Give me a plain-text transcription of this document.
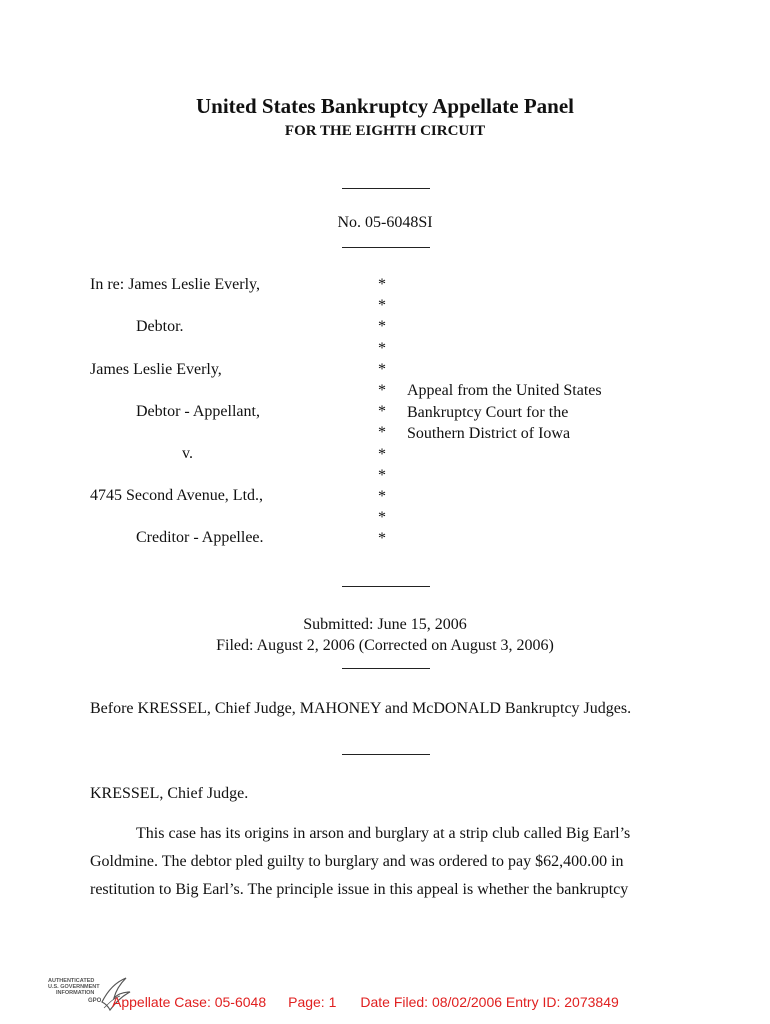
United States Bankruptcy Appellate Panel
FOR THE EIGHTH CIRCUIT
No. 05-6048SI
In re: James Leslie Everly,
Debtor.
James Leslie Everly,
Debtor - Appellant,
v.
4745 Second Avenue, Ltd.,
Creditor - Appellee.
*
*
*
*
*
*
*
*
*
*
*
*
*
Appeal from the United States
Bankruptcy Court for the
Southern District of Iowa
Submitted: June 15, 2006
Filed: August 2, 2006 (Corrected on August 3, 2006)
Before KRESSEL, Chief Judge, MAHONEY and McDONALD Bankruptcy Judges.
KRESSEL, Chief Judge.
This case has its origins in arson and burglary at a strip club called Big Earl’s Goldmine. The debtor pled guilty to burglary and was ordered to pay $62,400.00 in restitution to Big Earl’s. The principle issue in this appeal is whether the bankruptcy
AUTHENTICATED
U.S. GOVERNMENT
INFORMATION
GPO Appellate Case: 05-6048 Page: 1 Date Filed: 08/02/2006 Entry ID: 2073849
